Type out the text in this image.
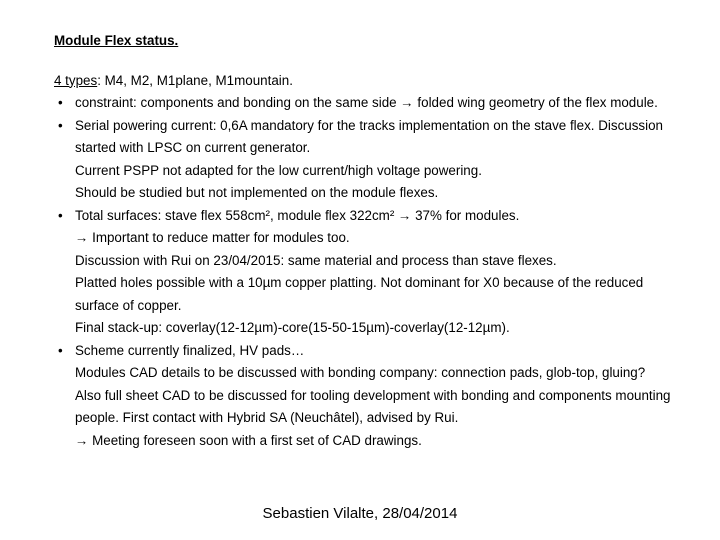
Module Flex status.
4 types: M4, M2, M1plane, M1mountain.
• constraint: components and bonding on the same side → folded wing geometry of the flex module.
• Serial powering current: 0,6A mandatory for the tracks implementation on the stave flex. Discussion started with LPSC on current generator.
Current PSPP not adapted for the low current/high voltage powering.
Should be studied but not implemented on the module flexes.
• Total surfaces: stave flex 558cm², module flex 322cm² → 37% for modules.
→ Important to reduce matter for modules too.
Discussion with Rui on 23/04/2015: same material and process than stave flexes.
Platted holes possible with a 10µm copper platting. Not dominant for X0 because of the reduced surface of copper.
Final stack-up: coverlay(12-12µm)-core(15-50-15µm)-coverlay(12-12µm).
• Scheme currently finalized, HV pads…
Modules CAD details to be discussed with bonding company: connection pads, glob-top, gluing? Also full sheet CAD to be discussed for tooling development with bonding and components mounting people. First contact with Hybrid SA (Neuchâtel), advised by Rui.
→ Meeting foreseen soon with a first set of CAD drawings.
Sebastien Vilalte, 28/04/2014
